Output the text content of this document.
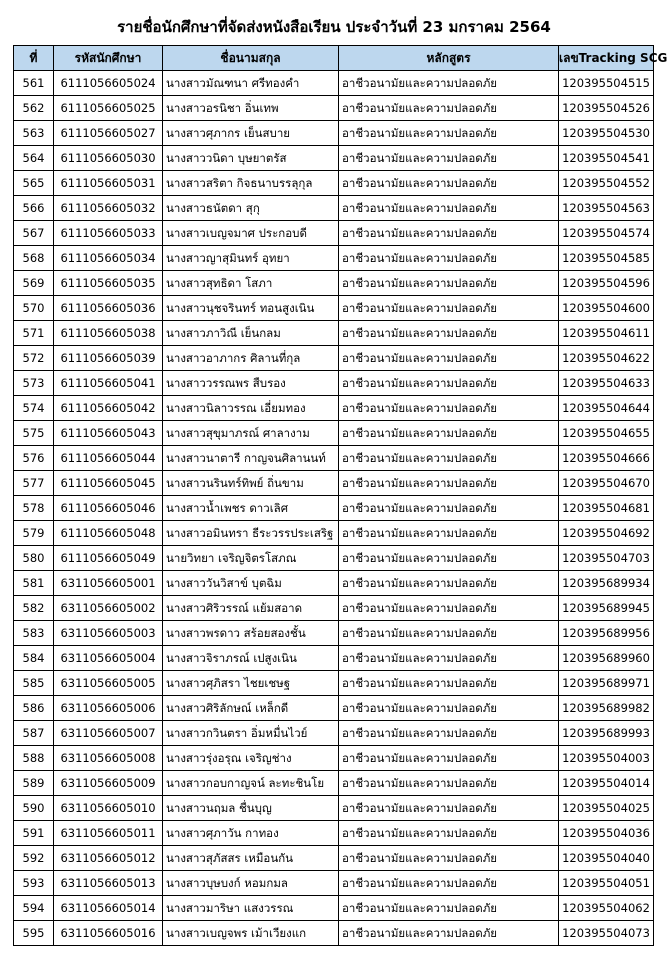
รายชื่อนักศึกษาที่จัดส่งหนังสือเรียน ประจำวันที่ 23 มกราคม 2564
ที่	รหัสนักศึกษา	ชื่อนามสกุล	หลักสูตร	เลขTracking SCG
561	6111056605024	นางสาวมัณฑนา ศรีทองคำ	อาชีวอนามัยและความปลอดภัย	120395504515
562	6111056605025	นางสาวอรนิชา อิ่นเทพ	อาชีวอนามัยและความปลอดภัย	120395504526
563	6111056605027	นางสาวศุภากร เย็นสบาย	อาชีวอนามัยและความปลอดภัย	120395504530
564	6111056605030	นางสาววนิดา บุษยาตรัส	อาชีวอนามัยและความปลอดภัย	120395504541
565	6111056605031	นางสาวสริตา กิจธนาบรรลุกุล	อาชีวอนามัยและความปลอดภัย	120395504552
566	6111056605032	นางสาวธนัตดา สุกุ	อาชีวอนามัยและความปลอดภัย	120395504563
567	6111056605033	นางสาวเบญจมาศ ประกอบดี	อาชีวอนามัยและความปลอดภัย	120395504574
568	6111056605034	นางสาวญาสุมินทร์ อุทยา	อาชีวอนามัยและความปลอดภัย	120395504585
569	6111056605035	นางสาวสุทธิดา โสภา	อาชีวอนามัยและความปลอดภัย	120395504596
570	6111056605036	นางสาวนุชจรินทร์ ทอนสูงเนิน	อาชีวอนามัยและความปลอดภัย	120395504600
571	6111056605038	นางสาวภาวิณี เย็นกลม	อาชีวอนามัยและความปลอดภัย	120395504611
572	6111056605039	นางสาวอาภากร ศิลานที่กุล	อาชีวอนามัยและความปลอดภัย	120395504622
573	6111056605041	นางสาววรรณพร สืบรอง	อาชีวอนามัยและความปลอดภัย	120395504633
574	6111056605042	นางสาวนิลาวรรณ เอี่ยมทอง	อาชีวอนามัยและความปลอดภัย	120395504644
575	6111056605043	นางสาวสุขุมาภรณ์ ศาลางาม	อาชีวอนามัยและความปลอดภัย	120395504655
576	6111056605044	นางสาวนาตารี กาญจนศิลานนท์	อาชีวอนามัยและความปลอดภัย	120395504666
577	6111056605045	นางสาวนรินทร์ทิพย์ ถิ่นขาม	อาชีวอนามัยและความปลอดภัย	120395504670
578	6111056605046	นางสาวน้ำเพชร ดาวเลิศ	อาชีวอนามัยและความปลอดภัย	120395504681
579	6111056605048	นางสาวอมินทรา ธีระวรรประเสริฐ	อาชีวอนามัยและความปลอดภัย	120395504692
580	6111056605049	นายวิทยา เจริญจิตรโสภณ	อาชีวอนามัยและความปลอดภัย	120395504703
581	6311056605001	นางสาววันวิสาข์ บุตฉิม	อาชีวอนามัยและความปลอดภัย	120395689934
582	6311056605002	นางสาวศิริวรรณ์ แย้มสอาด	อาชีวอนามัยและความปลอดภัย	120395689945
583	6311056605003	นางสาวพรดาว สร้อยสองชั้น	อาชีวอนามัยและความปลอดภัย	120395689956
584	6311056605004	นางสาวจิราภรณ์ เปสูงเนิน	อาชีวอนามัยและความปลอดภัย	120395689960
585	6311056605005	นางสาวศุภิสรา ไชยเชษฐ	อาชีวอนามัยและความปลอดภัย	120395689971
586	6311056605006	นางสาวศิริลักษณ์ เหล็กดี	อาชีวอนามัยและความปลอดภัย	120395689982
587	6311056605007	นางสาวกวินตรา อิ่มหมื่นไวย์	อาชีวอนามัยและความปลอดภัย	120395689993
588	6311056605008	นางสาวรุ่งอรุณ เจริญช่าง	อาชีวอนามัยและความปลอดภัย	120395504003
589	6311056605009	นางสาวกอบกาญจน์ ละทะชินโย	อาชีวอนามัยและความปลอดภัย	120395504014
590	6311056605010	นางสาวนฤมล ชื่นบุญ	อาชีวอนามัยและความปลอดภัย	120395504025
591	6311056605011	นางสาวศุภาวัน กาทอง	อาชีวอนามัยและความปลอดภัย	120395504036
592	6311056605012	นางสาวสุภัสสร เหมือนกัน	อาชีวอนามัยและความปลอดภัย	120395504040
593	6311056605013	นางสาวบุษบงก์ หอมกมล	อาชีวอนามัยและความปลอดภัย	120395504051
594	6311056605014	นางสาวมาริษา แสงวรรณ	อาชีวอนามัยและความปลอดภัย	120395504062
595	6311056605016	นางสาวเบญจพร เม้าเวียงแก	อาชีวอนามัยและความปลอดภัย	120395504073
